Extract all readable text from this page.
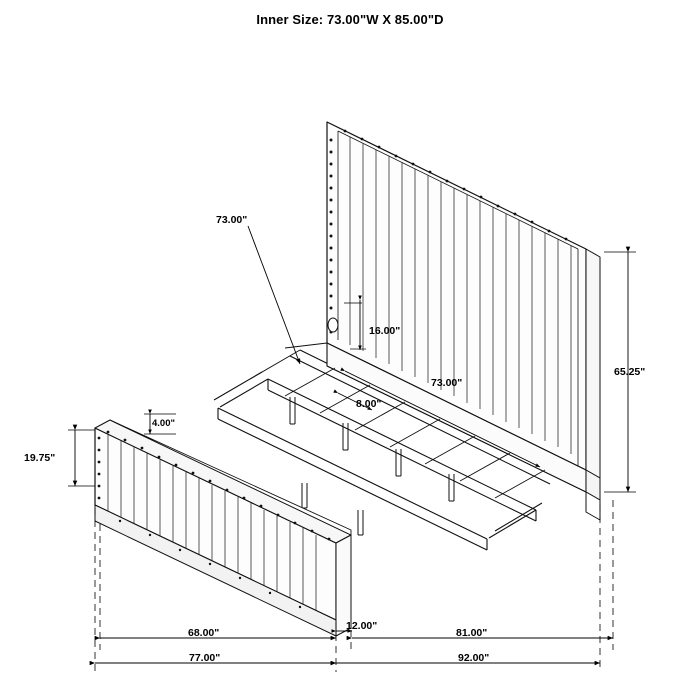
Inner Size: 73.00"W X 85.00"D
73.00"
16.00"
73.00"
8.00"
4.00"
19.75"
65.25"
68.00"
12.00"
81.00"
77.00"	92.00"
